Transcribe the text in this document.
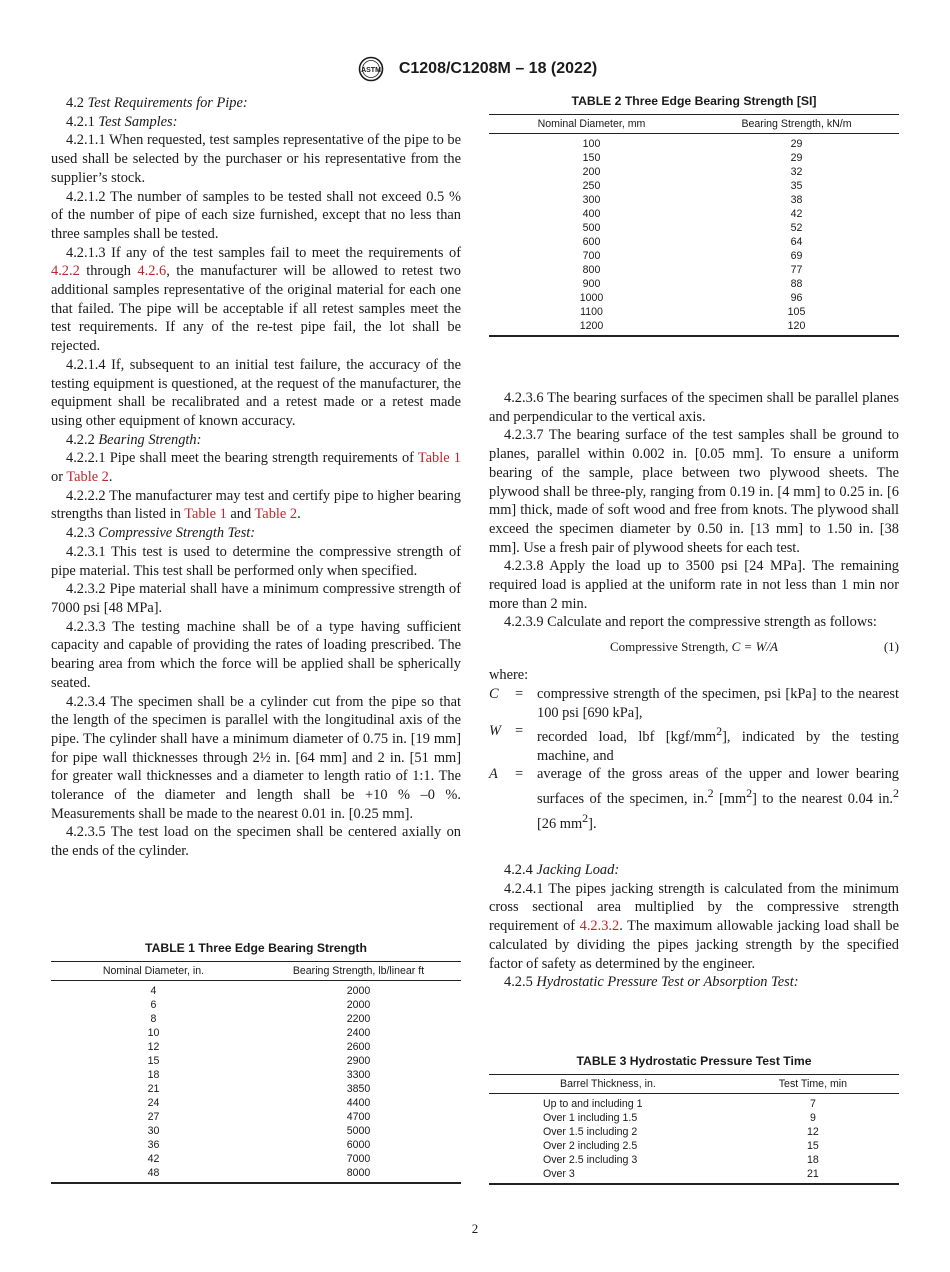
ASTM C1208/C1208M – 18 (2022)

4.2 Test Requirements for Pipe:

4.2.1 Test Samples:

4.2.1.1 When requested, test samples representative of the pipe to be used shall be selected by the purchaser or his representative from the supplier’s stock.

4.2.1.2 The number of samples to be tested shall not exceed 0.5 % of the number of pipe of each size furnished, except that no less than three samples shall be tested.

4.2.1.3 If any of the test samples fail to meet the requirements of 4.2.2 through 4.2.6, the manufacturer will be allowed to retest two additional samples representative of the original material for each one that failed. The pipe will be acceptable if all retest samples meet the test requirements. If any of the re-test pipe fail, the lot shall be rejected.

4.2.1.4 If, subsequent to an initial test failure, the accuracy of the testing equipment is questioned, at the request of the manufacturer, the equipment shall be recalibrated and a retest made or a retest made using other equipment of known accuracy.

4.2.2 Bearing Strength:

4.2.2.1 Pipe shall meet the bearing strength requirements of Table 1 or Table 2.

4.2.2.2 The manufacturer may test and certify pipe to higher bearing strengths than listed in Table 1 and Table 2.

4.2.3 Compressive Strength Test:

4.2.3.1 This test is used to determine the compressive strength of pipe material. This test shall be performed only when specified.

4.2.3.2 Pipe material shall have a minimum compressive strength of 7000 psi [48 MPa].

4.2.3.3 The testing machine shall be of a type having sufficient capacity and capable of providing the rates of loading prescribed. The bearing area from which the force will be applied shall be spherically seated.

4.2.3.4 The specimen shall be a cylinder cut from the pipe so that the length of the specimen is parallel with the longitudinal axis of the pipe. The cylinder shall have a minimum diameter of 0.75 in. [19 mm] for pipe wall thicknesses through 2½ in. [64 mm] and 2 in. [51 mm] for greater wall thicknesses and a diameter to length ratio of 1:1. The tolerance of the diameter and length shall be +10 % –0 %. Measurements shall be made to the nearest 0.01 in. [0.25 mm].

4.2.3.5 The test load on the specimen shall be centered axially on the ends of the cylinder.

TABLE 1 Three Edge Bearing Strength
Nominal Diameter, in.	Bearing Strength, lb/linear ft
4	2000
6	2000
8	2200
10	2400
12	2600
15	2900
18	3300
21	3850
24	4400
27	4700
30	5000
36	6000
42	7000
48	8000
TABLE 2 Three Edge Bearing Strength [SI]
Nominal Diameter, mm	Bearing Strength, kN/m
100	29
150	29
200	32
250	35
300	38
400	42
500	52
600	64
700	69
800	77
900	88
1000	96
1100	105
1200	120

4.2.3.6 The bearing surfaces of the specimen shall be parallel planes and perpendicular to the vertical axis.

4.2.3.7 The bearing surface of the test samples shall be ground to planes, parallel within 0.002 in. [0.05 mm]. To ensure a uniform bearing of the sample, place between two plywood sheets. The plywood shall be three-ply, ranging from 0.19 in. [4 mm] to 0.25 in. [6 mm] thick, made of soft wood and free from knots. The plywood shall exceed the specimen diameter by 0.50 in. [13 mm] to 1.50 in. [38 mm]. Use a fresh pair of plywood sheets for each test.

4.2.3.8 Apply the load up to 3500 psi [24 MPa]. The remaining required load is applied at the uniform rate in not less than 1 min nor more than 2 min.

4.2.3.9 Calculate and report the compressive strength as follows:

Compressive Strength, C = W/A	(1)
where:
C	= compressive strength of the specimen, psi [kPa] to the nearest 100 psi [690 kPa],
W = recorded load, lbf $[kgf/mm^2]$, indicated by the testing machine, and
A	= average of the gross areas of the upper and lower bearing surfaces of the specimen, in.$^2$ $[mm^2]$ to the nearest 0.04 in.$^2$ [26 $mm^2$].

4.2.4 Jacking Load:

4.2.4.1 The pipes jacking strength is calculated from the minimum cross sectional area multiplied by the compressive strength requirement of 4.2.3.2. The maximum allowable jacking load shall be calculated by dividing the pipes jacking strength by the specified factor of safety as determined by the engineer.

4.2.5 Hydrostatic Pressure Test or Absorption Test:

TABLE 3 Hydrostatic Pressure Test Time
Barrel Thickness, in.	Test Time, min
Up to and including 1	7
Over 1 including 1.5	9
Over 1.5 including 2	12
Over 2 including 2.5	15
Over 2.5 including 3	18
Over 3	21
2
